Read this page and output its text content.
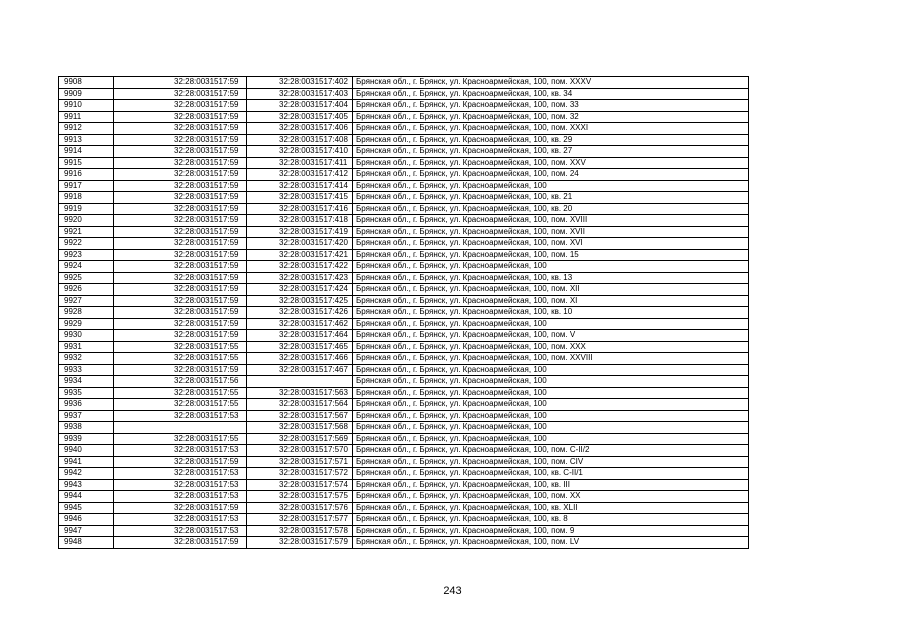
9908	32:28:0031517:59	32:28:0031517:402	Брянская обл., г. Брянск, ул. Красноармейская, 100, пом. XXXV
9909	32:28:0031517:59	32:28:0031517:403	Брянская обл., г. Брянск, ул. Красноармейская, 100, кв. 34
9910	32:28:0031517:59	32:28:0031517:404	Брянская обл., г. Брянск, ул. Красноармейская, 100, пом. 33
9911	32:28:0031517:59	32:28:0031517:405	Брянская обл., г. Брянск, ул. Красноармейская, 100, пом. 32
9912	32:28:0031517:59	32:28:0031517:406	Брянская обл., г. Брянск, ул. Красноармейская, 100, пом. XXXI
9913	32:28:0031517:59	32:28:0031517:408	Брянская обл., г. Брянск, ул. Красноармейская, 100, кв. 29
9914	32:28:0031517:59	32:28:0031517:410	Брянская обл., г. Брянск, ул. Красноармейская, 100, кв. 27
9915	32:28:0031517:59	32:28:0031517:411	Брянская обл., г. Брянск, ул. Красноармейская, 100, пом. XXV
9916	32:28:0031517:59	32:28:0031517:412	Брянская обл., г. Брянск, ул. Красноармейская, 100, пом. 24
9917	32:28:0031517:59	32:28:0031517:414	Брянская обл., г. Брянск, ул. Красноармейская, 100
9918	32:28:0031517:59	32:28:0031517:415	Брянская обл., г. Брянск, ул. Красноармейская, 100, кв. 21
9919	32:28:0031517:59	32:28:0031517:416	Брянская обл., г. Брянск, ул. Красноармейская, 100, кв. 20
9920	32:28:0031517:59	32:28:0031517:418	Брянская обл., г. Брянск, ул. Красноармейская, 100, пом. XVIII
9921	32:28:0031517:59	32:28:0031517:419	Брянская обл., г. Брянск, ул. Красноармейская, 100, пом. XVII
9922	32:28:0031517:59	32:28:0031517:420	Брянская обл., г. Брянск, ул. Красноармейская, 100, пом. XVI
9923	32:28:0031517:59	32:28:0031517:421	Брянская обл., г. Брянск, ул. Красноармейская, 100, пом. 15
9924	32:28:0031517:59	32:28:0031517:422	Брянская обл., г. Брянск, ул. Красноармейская, 100
9925	32:28:0031517:59	32:28:0031517:423	Брянская обл., г. Брянск, ул. Красноармейская, 100, кв. 13
9926	32:28:0031517:59	32:28:0031517:424	Брянская обл., г. Брянск, ул. Красноармейская, 100, пом. XII
9927	32:28:0031517:59	32:28:0031517:425	Брянская обл., г. Брянск, ул. Красноармейская, 100, пом. XI
9928	32:28:0031517:59	32:28:0031517:426	Брянская обл., г. Брянск, ул. Красноармейская, 100, кв. 10
9929	32:28:0031517:59	32:28:0031517:462	Брянская обл., г. Брянск, ул. Красноармейская, 100
9930	32:28:0031517:59	32:28:0031517:464	Брянская обл., г. Брянск, ул. Красноармейская, 100, пом. V
9931	32:28:0031517:55	32:28:0031517:465	Брянская обл., г. Брянск, ул. Красноармейская, 100, пом. XXX
9932	32:28:0031517:55	32:28:0031517:466	Брянская обл., г. Брянск, ул. Красноармейская, 100, пом. XXVIII
9933	32:28:0031517:59	32:28:0031517:467	Брянская обл., г. Брянск, ул. Красноармейская, 100
9934	32:28:0031517:56		Брянская обл., г. Брянск, ул. Красноармейская, 100
9935	32:28:0031517:55	32:28:0031517:563	Брянская обл., г. Брянск, ул. Красноармейская, 100
9936	32:28:0031517:55	32:28:0031517:564	Брянская обл., г. Брянск, ул. Красноармейская, 100
9937	32:28:0031517:53	32:28:0031517:567	Брянская обл., г. Брянск, ул. Красноармейская, 100
9938		32:28:0031517:568	Брянская обл., г. Брянск, ул. Красноармейская, 100
9939	32:28:0031517:55	32:28:0031517:569	Брянская обл., г. Брянск, ул. Красноармейская, 100
9940	32:28:0031517:53	32:28:0031517:570	Брянская обл., г. Брянск, ул. Красноармейская, 100, пом. С-II/2
9941	32:28:0031517:59	32:28:0031517:571	Брянская обл., г. Брянск, ул. Красноармейская, 100, пом. CIV
9942	32:28:0031517:53	32:28:0031517:572	Брянская обл., г. Брянск, ул. Красноармейская, 100, кв. С-II/1
9943	32:28:0031517:53	32:28:0031517:574	Брянская обл., г. Брянск, ул. Красноармейская, 100, кв. III
9944	32:28:0031517:53	32:28:0031517:575	Брянская обл., г. Брянск, ул. Красноармейская, 100, пом. XX
9945	32:28:0031517:59	32:28:0031517:576	Брянская обл., г. Брянск, ул. Красноармейская, 100, кв. XLII
9946	32:28:0031517:53	32:28:0031517:577	Брянская обл., г. Брянск, ул. Красноармейская, 100, кв. 8
9947	32:28:0031517:53	32:28:0031517:578	Брянская обл., г. Брянск, ул. Красноармейская, 100, пом. 9
9948	32:28:0031517:59	32:28:0031517:579	Брянская обл., г. Брянск, ул. Красноармейская, 100, пом. LV
243
